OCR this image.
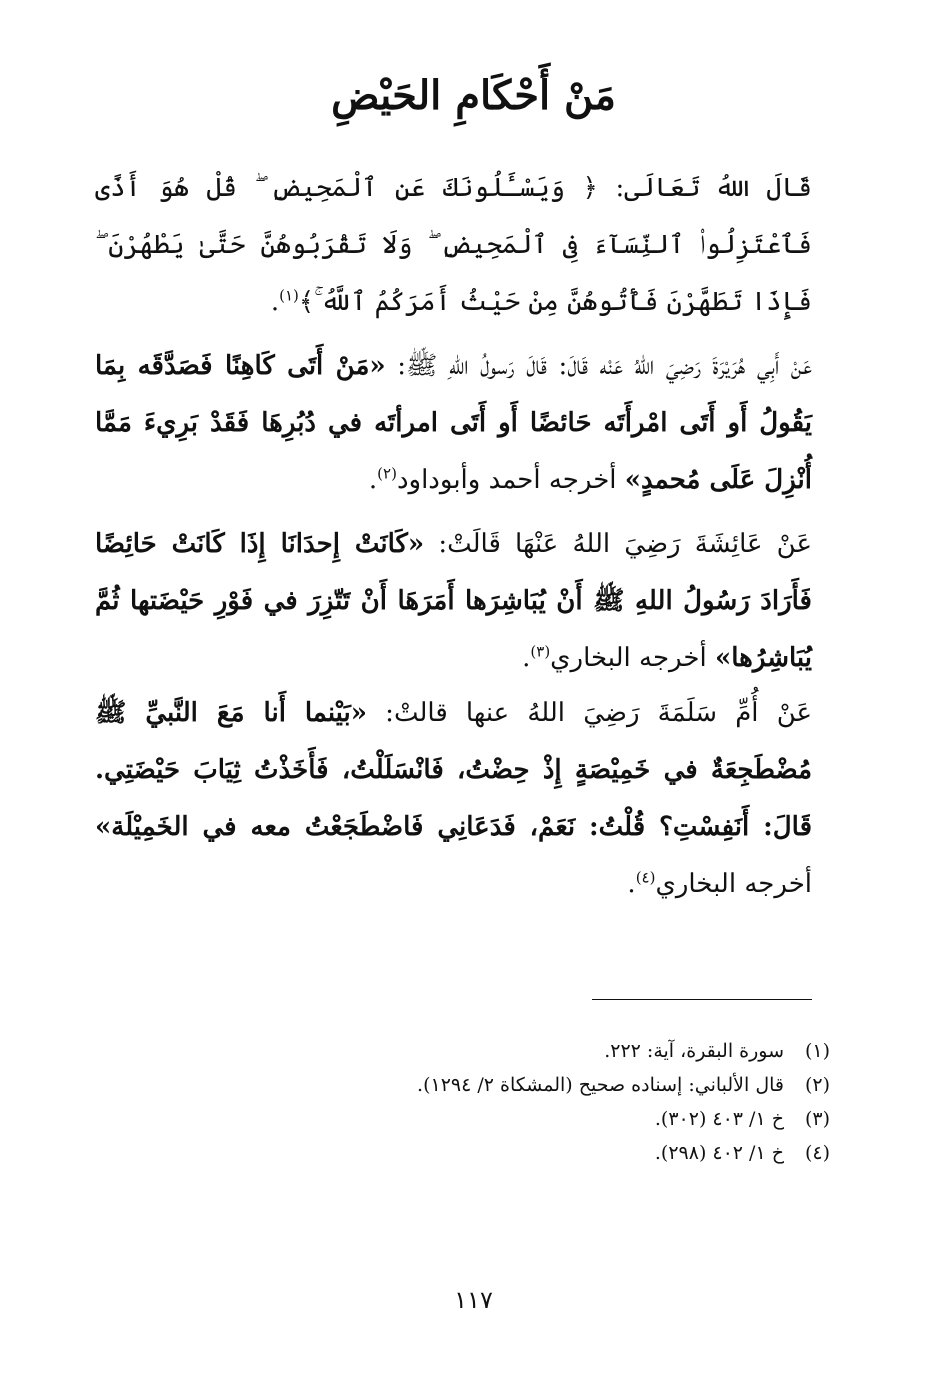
مَنْ أَحْكَامِ الحَيْضِ
قَالَ اللهُ تَعَالَى: ﴿ وَيَسْـَٔلُونَكَ عَنِ ٱلْمَحِيضِ ۖ قُلْ هُوَ أَذًى فَٱعْتَزِلُوا۟ ٱلنِّسَآءَ فِى ٱلْمَحِيضِ ۖ وَلَا تَقْرَبُوهُنَّ حَتَّىٰ يَطْهُرْنَ ۖ فَإِذَا تَطَهَّرْنَ فَأْتُوهُنَّ مِنْ حَيْثُ أَمَرَكُمُ ٱللَّهُ ۚ﴾$^{(١)}$.
عَنْ أَبِي هُرَيْرَةَ رَضِيَ اللهُ عَنْه قَالَ: قَالَ رَسولُ اللهِ ﷺ: «مَنْ أَتَى كَاهِنًا فَصَدَّقَه بِمَا يَقُولُ أَو أَتَى امْرأَتَه حَائضًا أَو أَتَى امرأتَه في دُبُرِهَا فَقَدْ بَرِيءَ مَمَّا أُنْزِلَ عَلَى مُحمدٍ» أخرجه أحمد وأبوداود$^{(٢)}$.
عَنْ عَائِشَةَ رَضِيَ اللهُ عَنْهَا قَالَتْ: «كَانَتْ إِحدَانَا إِذَا كَانَتْ حَائِضًا فَأَرَادَ رَسُولُ اللهِ ﷺ أَنْ يُبَاشِرَها أَمَرَهَا أَنْ تَتّزِرَ في فَوْرِ حَيْضَتها ثُمَّ يُبَاشِرُها» أخرجه البخاري$^{(٣)}$.
عَنْ أُمِّ سَلَمَةَ رَضِيَ اللهُ عنها قالتْ: «بَيْنما أَنا مَعَ النَّبيِّ ﷺ مُضْطَجِعَةٌ في خَمِيْصَةٍ إِذْ حِضْتُ، فَانْسَلَلْتُ، فَأَخَذْتُ ثِيَابَ حَيْضَتِي. قَالَ: أَنَفِسْتِ؟ قُلْتُ: نَعَمْ، فَدَعَانِي فَاضْطَجَعْتُ معه في الخَمِيْلَة» أخرجه البخاري$^{(٤)}$.
(١)سورة البقرة، آية: ٢٢٢.
(٢)قال الألباني: إسناده صحيح (المشكاة ٢/ ١٢٩٤).
(٣)خ ١/ ٤٠٣ (٣٠٢).
(٤)خ ١/ ٤٠٢ (٢٩٨).
١١٧
